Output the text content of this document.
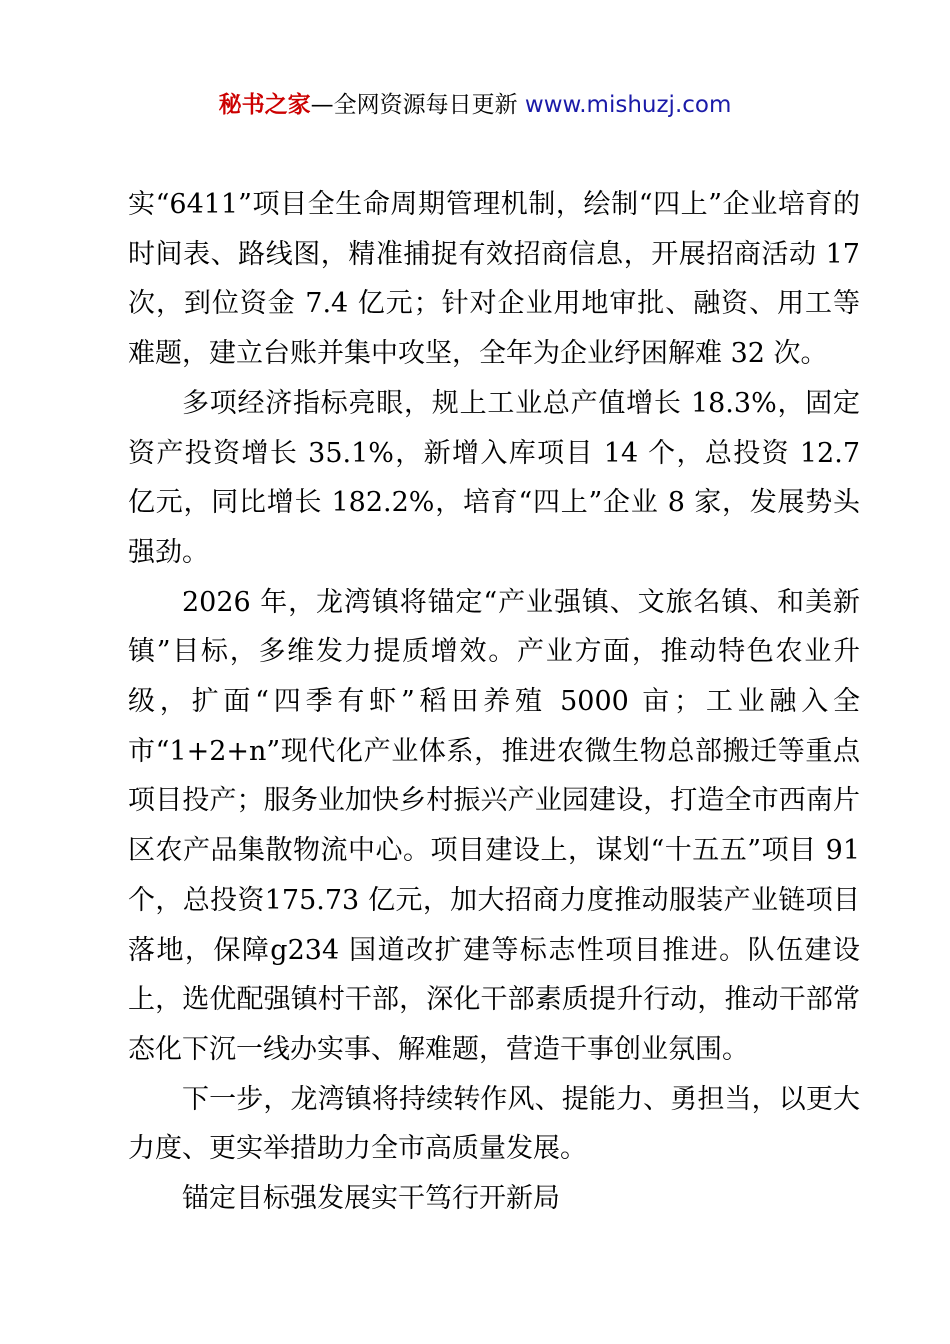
秘书之家—全网资源每日更新 www.mishuzj.com

实“6411”项目全生命周期管理机制，绘制“四上”企业培育的时间表、路线图，精准捕捉有效招商信息，开展招商活动 17 次，到位资金 7.4 亿元；针对企业用地审批、融资、用工等难题，建立台账并集中攻坚，全年为企业纾困解难 32 次。

多项经济指标亮眼，规上工业总产值增长 18.3%，固定资产投资增长 35.1%，新增入库项目 14 个，总投资 12.7 亿元，同比增长 182.2%，培育“四上”企业 8 家，发展势头强劲。

2026 年，龙湾镇将锚定“产业强镇、文旅名镇、和美新镇”目标，多维发力提质增效。产业方面，推动特色农业升级，扩面“四季有虾”稻田养殖 5000 亩；工业融入全市“1+2+n”现代化产业体系，推进农微生物总部搬迁等重点项目投产；服务业加快乡村振兴产业园建设，打造全市西南片区农产品集散物流中心。项目建设上，谋划“十五五”项目 91 个，总投资175.73 亿元，加大招商力度推动服装产业链项目落地，保障g234 国道改扩建等标志性项目推进。队伍建设上，选优配强镇村干部，深化干部素质提升行动，推动干部常态化下沉一线办实事、解难题，营造干事创业氛围。

下一步，龙湾镇将持续转作风、提能力、勇担当，以更大力度、更实举措助力全市高质量发展。

锚定目标强发展实干笃行开新局
